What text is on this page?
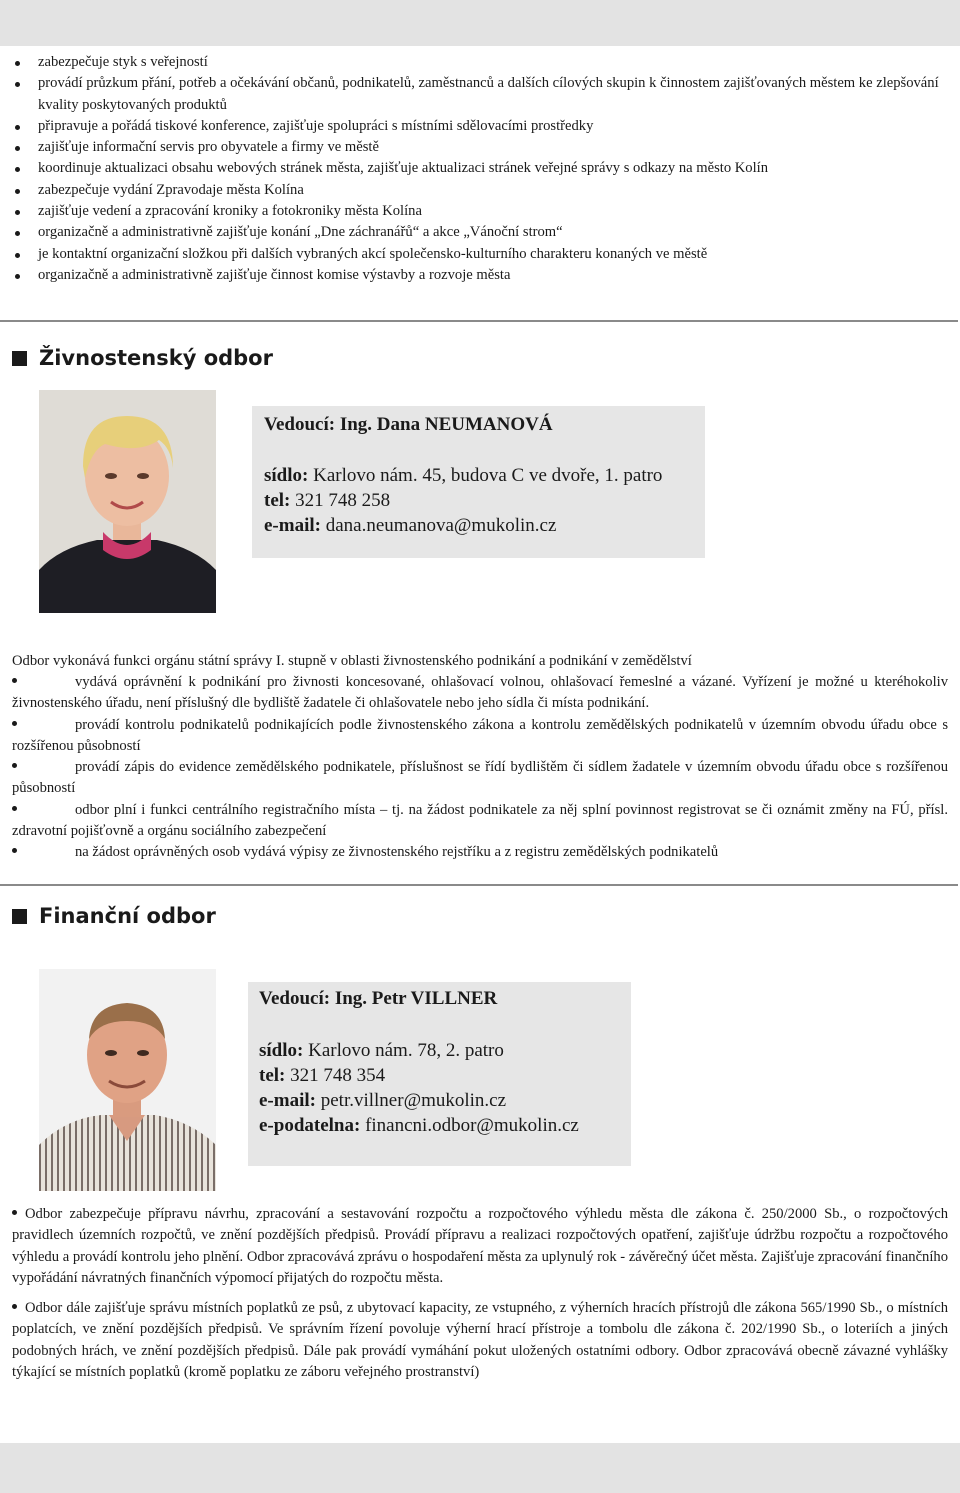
zabezpečuje styk s veřejností
provádí průzkum přání, potřeb a očekávání občanů, podnikatelů, zaměstnanců a dalších cílových skupin k činnostem zajišťovaných městem ke zlepšování kvality poskytovaných produktů
připravuje a pořádá tiskové konference, zajišťuje spolupráci s místními sdělovacími prostředky
zajišťuje informační servis pro obyvatele a firmy ve městě
koordinuje aktualizaci obsahu webových stránek města, zajišťuje aktualizaci stránek veřejné správy s odkazy na město Kolín
zabezpečuje vydání Zpravodaje města Kolína
zajišťuje vedení a zpracování kroniky a fotokroniky města Kolína
organizačně a administrativně zajišťuje konání „Dne záchranářů“ a akce „Vánoční strom“
je kontaktní organizační složkou při dalších vybraných akcí společensko-kulturního charakteru konaných ve městě
organizačně a administrativně zajišťuje činnost komise výstavby a rozvoje města
Živnostenský odbor
Vedoucí: Ing. Dana NEUMANOVÁ
sídlo: Karlovo nám. 45, budova C ve dvoře, 1. patro
tel: 321 748 258
e-mail: dana.neumanova@mukolin.cz
Odbor vykonává funkci orgánu státní správy I. stupně v oblasti živnostenského podnikání a podnikání v zemědělství
vydává oprávnění k podnikání pro živnosti koncesované, ohlašovací volnou, ohlašovací řemeslné a vázané. Vyřízení je možné u kteréhokoliv živnostenského úřadu, není příslušný dle bydliště žadatele či ohlašovatele nebo jeho sídla či místa podnikání.
provádí kontrolu podnikatelů podnikajících podle živnostenského zákona a kontrolu zemědělských podnikatelů v územním obvodu úřadu obce s rozšířenou působností
provádí zápis do evidence zemědělského podnikatele, příslušnost se řídí bydlištěm či sídlem žadatele v územním obvodu úřadu obce s rozšířenou působností
odbor plní i funkci centrálního registračního místa – tj. na žádost podnikatele za něj splní povinnost registrovat se či oznámit změny na FÚ, přísl. zdravotní pojišťovně a orgánu sociálního zabezpečení
na žádost oprávněných osob vydává výpisy ze živnostenského rejstříku a z registru zemědělských podnikatelů
Finanční odbor
Vedoucí: Ing. Petr VILLNER
sídlo: Karlovo nám. 78, 2. patro
tel: 321 748 354
e-mail: petr.villner@mukolin.cz
e-podatelna: financni.odbor@mukolin.cz

Odbor zabezpečuje přípravu návrhu, zpracování a sestavování rozpočtu a rozpočtového výhledu města dle zákona č. 250/2000 Sb., o rozpočtových pravidlech územních rozpočtů, ve znění pozdějších předpisů. Provádí přípravu a realizaci rozpočtových opatření, zajišťuje údržbu rozpočtu a rozpočtového výhledu a provádí kontrolu jeho plnění. Odbor zpracovává zprávu o hospodaření města za uplynulý rok - závěrečný účet města. Zajišťuje zpracování finančního vypořádání návratných finančních výpomocí přijatých do rozpočtu města.

Odbor dále zajišťuje správu místních poplatků ze psů, z ubytovací kapacity, ze vstupného, z výherních hracích přístrojů dle zákona 565/1990 Sb., o místních poplatcích, ve znění pozdějších předpisů. Ve správním řízení povoluje výherní hrací přístroje a tombolu dle zákona č. 202/1990 Sb., o loteriích a jiných podobných hrách, ve znění pozdějších předpisů. Dále pak provádí vymáhání pokut uložených ostatními odbory. Odbor zpracovává obecně závazné vyhlášky týkající se místních poplatků (kromě poplatku ze záboru veřejného prostranství)
